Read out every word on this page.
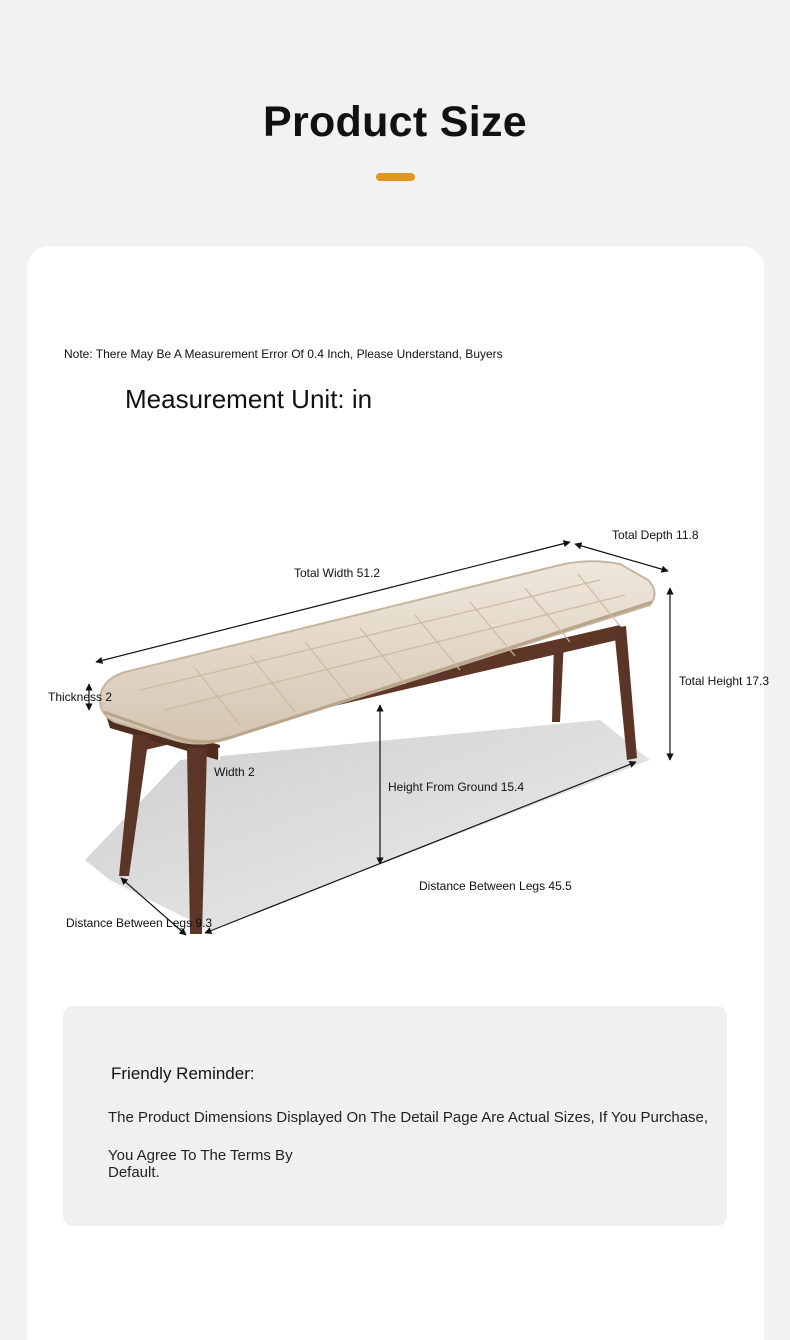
Product Size
Note: There May Be A Measurement Error Of 0.4 Inch, Please Understand, Buyers
Measurement Unit: in
Total Depth 11.8
Total Width 51.2
Thickness 2
Total Height 17.3
Width 2
Height From Ground 15.4
Distance Between Legs 45.5
Distance Between Legs 9.3
Friendly Reminder:
The Product Dimensions Displayed On The Detail Page Are Actual Sizes, If You Purchase,
You Agree To The Terms By
Default.
